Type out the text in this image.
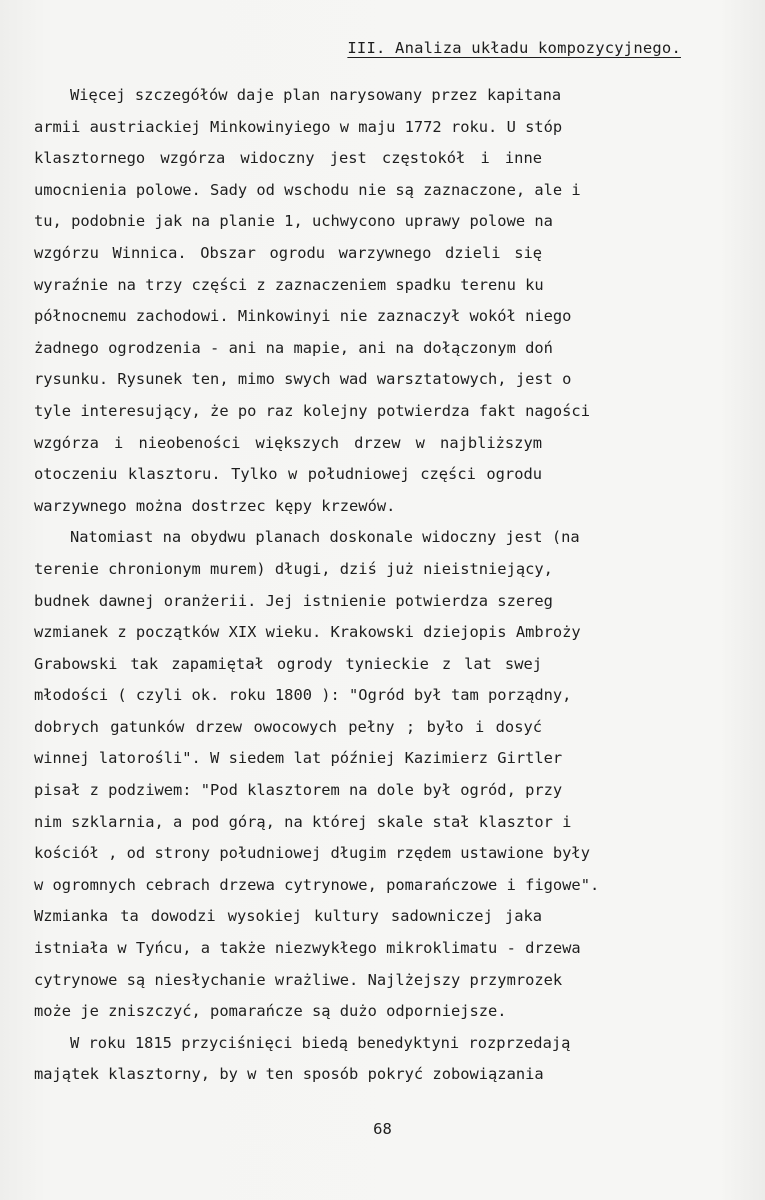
III. Analiza układu kompozycyjnego.
Więcej szczegółów daje plan narysowany przez kapitana
armii austriackiej Minkowinyiego w maju 1772 roku. U stóp
klasztornego wzgórza widoczny jest częstokół i inne
umocnienia polowe. Sady od wschodu nie są zaznaczone, ale i
tu, podobnie jak na planie 1, uchwycono uprawy polowe na
wzgórzu Winnica. Obszar ogrodu warzywnego dzieli się
wyraźnie na trzy części z zaznaczeniem spadku terenu ku
północnemu zachodowi. Minkowinyi nie zaznaczył wokół niego
żadnego ogrodzenia - ani na mapie, ani na dołączonym doń
rysunku. Rysunek ten, mimo swych wad warsztatowych, jest o
tyle interesujący, że po raz kolejny potwierdza fakt nagości
wzgórza i nieobeności większych drzew w najbliższym
otoczeniu klasztoru. Tylko w południowej części ogrodu
warzywnego można dostrzec kępy krzewów.
Natomiast na obydwu planach doskonale widoczny jest (na
terenie chronionym murem) długi, dziś już nieistniejący,
budnek dawnej oranżerii. Jej istnienie potwierdza szereg
wzmianek z początków XIX wieku. Krakowski dziejopis Ambroży
Grabowski tak zapamiętał ogrody tynieckie z lat swej
młodości ( czyli ok. roku 1800 ): "Ogród był tam porządny,
dobrych gatunków drzew owocowych pełny ; było i dosyć
winnej latorośli". W siedem lat później Kazimierz Girtler
pisał z podziwem: "Pod klasztorem na dole był ogród, przy
nim szklarnia, a pod górą, na której skale stał klasztor i
kościół , od strony południowej długim rzędem ustawione były
w ogromnych cebrach drzewa cytrynowe, pomarańczowe i figowe".
Wzmianka ta dowodzi wysokiej kultury sadowniczej jaka
istniała w Tyńcu, a także niezwykłego mikroklimatu - drzewa
cytrynowe są niesłychanie wrażliwe. Najlżejszy przymrozek
może je zniszczyć, pomarańcze są dużo odporniejsze.
W roku 1815 przyciśnięci biedą benedyktyni rozprzedają
majątek klasztorny, by w ten sposób pokryć zobowiązania
68
